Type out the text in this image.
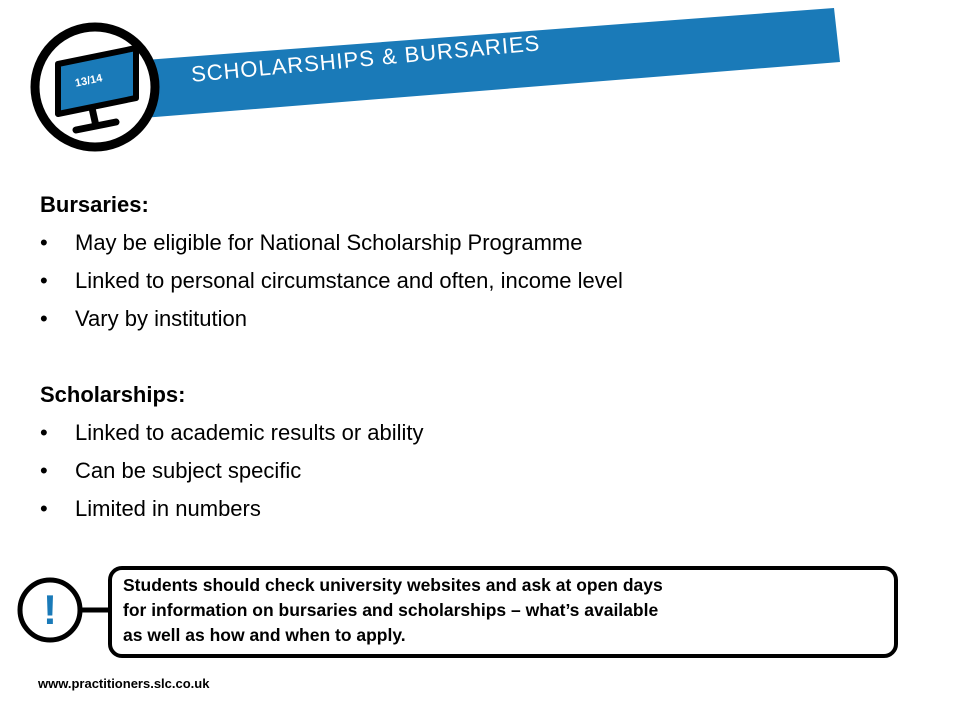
13/14	SCHOLARSHIPS & BURSARIES
Bursaries:
•	May be eligible for National Scholarship Programme
•	Linked to personal circumstance and often, income level
•	Vary by institution
Scholarships:
•	Linked to academic results or ability
•	Can be subject specific
•	Limited in numbers
!
Students should check university websites and ask at open days
for information on bursaries and scholarships – what’s available
as well as how and when to apply.
www.practitioners.slc.co.uk
